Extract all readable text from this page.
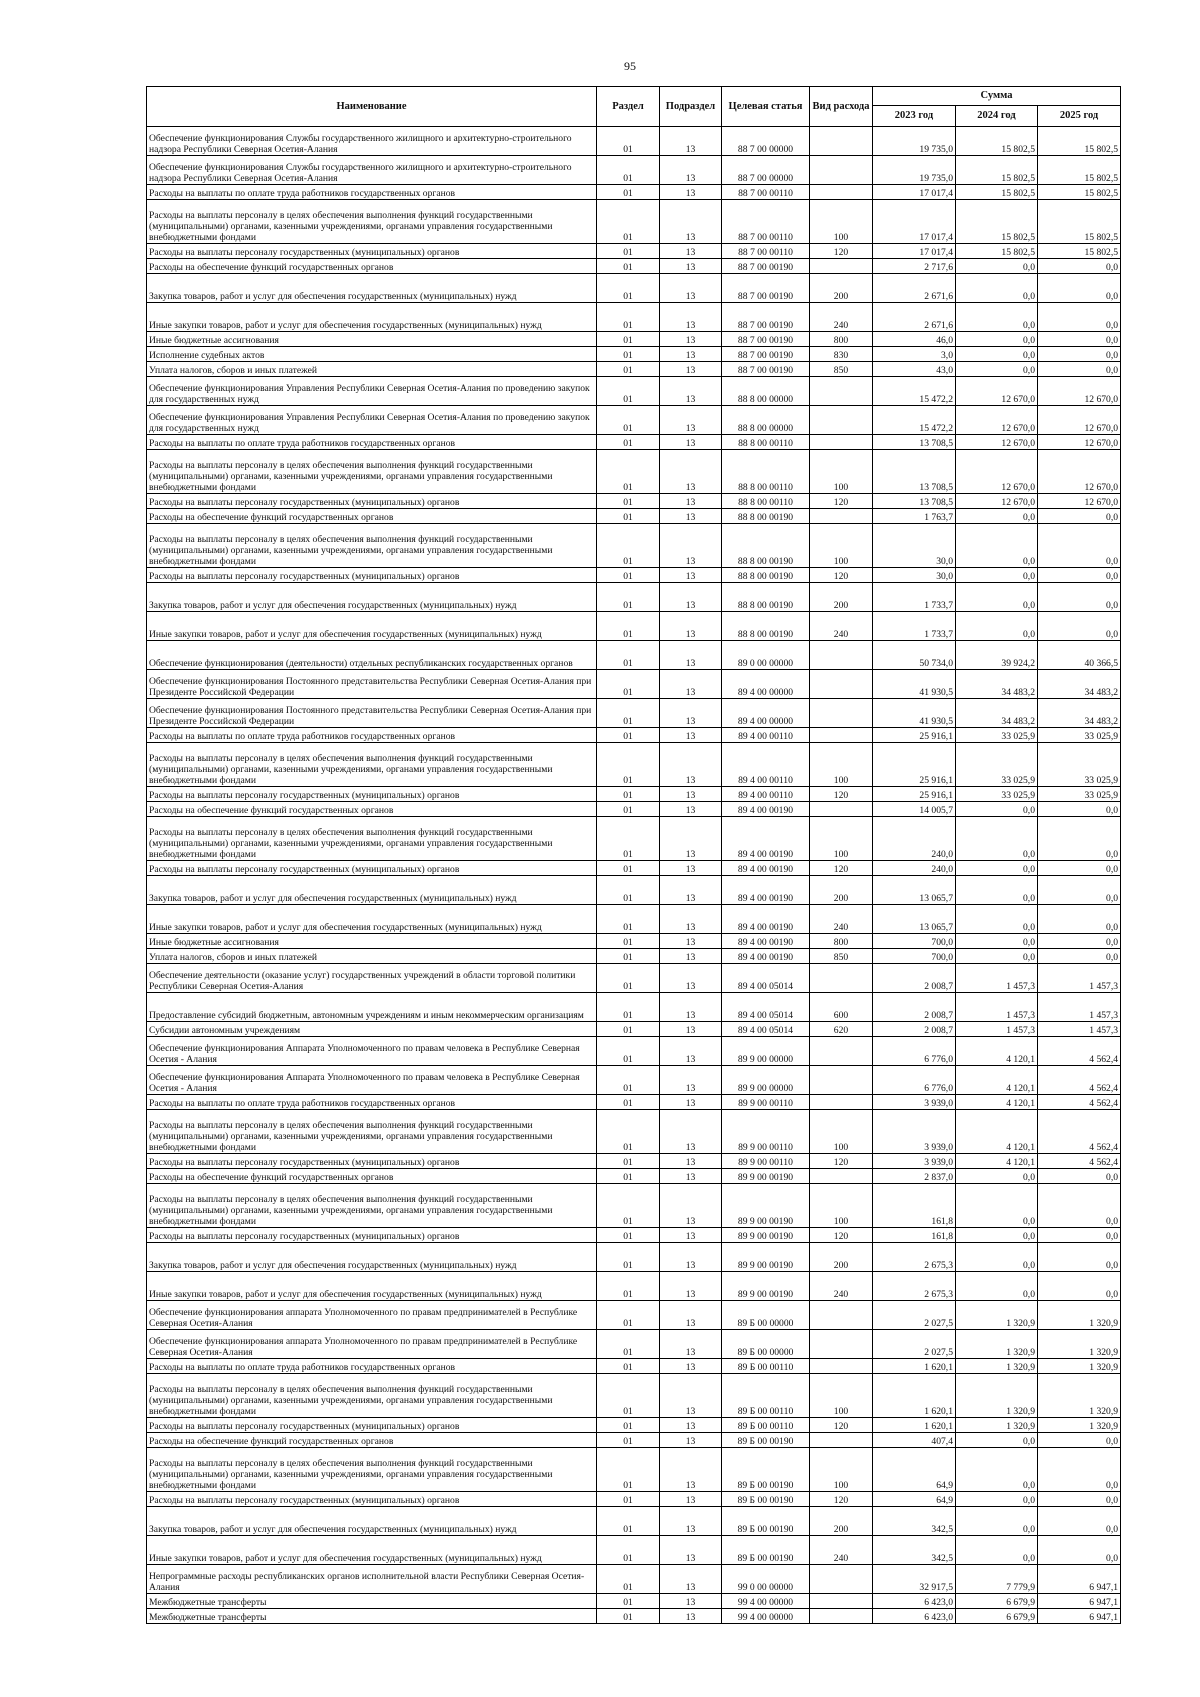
95
Наименование	Раздел	Подраздел	Целевая статья	Вид расхода	Сумма		
					2023 год	2024 год	2025 год
Обеспечение функционирования Службы государственного жилищного и архитектурно-строительного надзора Республики Северная Осетия-Алания	01	13	88 7 00 00000		19 735,0	15 802,5	15 802,5
Обеспечение функционирования Службы государственного жилищного и архитектурно-строительного надзора Республики Северная Осетия-Алания	01	13	88 7 00 00000		19 735,0	15 802,5	15 802,5
Расходы на выплаты по оплате труда работников государственных органов	01	13	88 7 00 00110		17 017,4	15 802,5	15 802,5
Расходы на выплаты персоналу в целях обеспечения выполнения функций государственными (муниципальными) органами, казенными учреждениями, органами управления государственными внебюджетными фондами	01	13	88 7 00 00110	100	17 017,4	15 802,5	15 802,5
Расходы на выплаты персоналу государственных (муниципальных) органов	01	13	88 7 00 00110	120	17 017,4	15 802,5	15 802,5
Расходы на обеспечение функций государственных органов	01	13	88 7 00 00190		2 717,6	0,0	0,0
Закупка товаров, работ и услуг для обеспечения государственных (муниципальных) нужд	01	13	88 7 00 00190	200	2 671,6	0,0	0,0
Иные закупки товаров, работ и услуг для обеспечения государственных (муниципальных) нужд	01	13	88 7 00 00190	240	2 671,6	0,0	0,0
Иные бюджетные ассигнования	01	13	88 7 00 00190	800	46,0	0,0	0,0
Исполнение судебных актов	01	13	88 7 00 00190	830	3,0	0,0	0,0
Уплата налогов, сборов и иных платежей	01	13	88 7 00 00190	850	43,0	0,0	0,0
Обеспечение функционирования Управления Республики Северная Осетия-Алания по проведению закупок для государственных нужд	01	13	88 8 00 00000		15 472,2	12 670,0	12 670,0
Обеспечение функционирования Управления Республики Северная Осетия-Алания по проведению закупок для государственных нужд	01	13	88 8 00 00000		15 472,2	12 670,0	12 670,0
Расходы на выплаты по оплате труда работников государственных органов	01	13	88 8 00 00110		13 708,5	12 670,0	12 670,0
Расходы на выплаты персоналу в целях обеспечения выполнения функций государственными (муниципальными) органами, казенными учреждениями, органами управления государственными внебюджетными фондами	01	13	88 8 00 00110	100	13 708,5	12 670,0	12 670,0
Расходы на выплаты персоналу государственных (муниципальных) органов	01	13	88 8 00 00110	120	13 708,5	12 670,0	12 670,0
Расходы на обеспечение функций государственных органов	01	13	88 8 00 00190		1 763,7	0,0	0,0
Расходы на выплаты персоналу в целях обеспечения выполнения функций государственными (муниципальными) органами, казенными учреждениями, органами управления государственными внебюджетными фондами	01	13	88 8 00 00190	100	30,0	0,0	0,0
Расходы на выплаты персоналу государственных (муниципальных) органов	01	13	88 8 00 00190	120	30,0	0,0	0,0
Закупка товаров, работ и услуг для обеспечения государственных (муниципальных) нужд	01	13	88 8 00 00190	200	1 733,7	0,0	0,0
Иные закупки товаров, работ и услуг для обеспечения государственных (муниципальных) нужд	01	13	88 8 00 00190	240	1 733,7	0,0	0,0
Обеспечение функционирования (деятельности) отдельных республиканских государственных органов	01	13	89 0 00 00000		50 734,0	39 924,2	40 366,5
Обеспечение функционирования Постоянного представительства Республики Северная Осетия-Алания при Президенте Российской Федерации	01	13	89 4 00 00000		41 930,5	34 483,2	34 483,2
Обеспечение функционирования Постоянного представительства Республики Северная Осетия-Алания при Президенте Российской Федерации	01	13	89 4 00 00000		41 930,5	34 483,2	34 483,2
Расходы на выплаты по оплате труда работников государственных органов	01	13	89 4 00 00110		25 916,1	33 025,9	33 025,9
Расходы на выплаты персоналу в целях обеспечения выполнения функций государственными (муниципальными) органами, казенными учреждениями, органами управления государственными внебюджетными фондами	01	13	89 4 00 00110	100	25 916,1	33 025,9	33 025,9
Расходы на выплаты персоналу государственных (муниципальных) органов	01	13	89 4 00 00110	120	25 916,1	33 025,9	33 025,9
Расходы на обеспечение функций государственных органов	01	13	89 4 00 00190		14 005,7	0,0	0,0
Расходы на выплаты персоналу в целях обеспечения выполнения функций государственными (муниципальными) органами, казенными учреждениями, органами управления государственными внебюджетными фондами	01	13	89 4 00 00190	100	240,0	0,0	0,0
Расходы на выплаты персоналу государственных (муниципальных) органов	01	13	89 4 00 00190	120	240,0	0,0	0,0
Закупка товаров, работ и услуг для обеспечения государственных (муниципальных) нужд	01	13	89 4 00 00190	200	13 065,7	0,0	0,0
Иные закупки товаров, работ и услуг для обеспечения государственных (муниципальных) нужд	01	13	89 4 00 00190	240	13 065,7	0,0	0,0
Иные бюджетные ассигнования	01	13	89 4 00 00190	800	700,0	0,0	0,0
Уплата налогов, сборов и иных платежей	01	13	89 4 00 00190	850	700,0	0,0	0,0
Обеспечение деятельности (оказание услуг) государственных учреждений в области торговой политики Республики Северная Осетия-Алания	01	13	89 4 00 05014		2 008,7	1 457,3	1 457,3
Предоставление субсидий бюджетным, автономным учреждениям и иным некоммерческим организациям	01	13	89 4 00 05014	600	2 008,7	1 457,3	1 457,3
Субсидии автономным учреждениям	01	13	89 4 00 05014	620	2 008,7	1 457,3	1 457,3
Обеспечение функционирования Аппарата Уполномоченного по правам человека в Республике Северная Осетия - Алания	01	13	89 9 00 00000		6 776,0	4 120,1	4 562,4
Обеспечение функционирования Аппарата Уполномоченного по правам человека в Республике Северная Осетия - Алания	01	13	89 9 00 00000		6 776,0	4 120,1	4 562,4
Расходы на выплаты по оплате труда работников государственных органов	01	13	89 9 00 00110		3 939,0	4 120,1	4 562,4
Расходы на выплаты персоналу в целях обеспечения выполнения функций государственными (муниципальными) органами, казенными учреждениями, органами управления государственными внебюджетными фондами	01	13	89 9 00 00110	100	3 939,0	4 120,1	4 562,4
Расходы на выплаты персоналу государственных (муниципальных) органов	01	13	89 9 00 00110	120	3 939,0	4 120,1	4 562,4
Расходы на обеспечение функций государственных органов	01	13	89 9 00 00190		2 837,0	0,0	0,0
Расходы на выплаты персоналу в целях обеспечения выполнения функций государственными (муниципальными) органами, казенными учреждениями, органами управления государственными внебюджетными фондами	01	13	89 9 00 00190	100	161,8	0,0	0,0
Расходы на выплаты персоналу государственных (муниципальных) органов	01	13	89 9 00 00190	120	161,8	0,0	0,0
Закупка товаров, работ и услуг для обеспечения государственных (муниципальных) нужд	01	13	89 9 00 00190	200	2 675,3	0,0	0,0
Иные закупки товаров, работ и услуг для обеспечения государственных (муниципальных) нужд	01	13	89 9 00 00190	240	2 675,3	0,0	0,0
Обеспечение функционирования аппарата Уполномоченного по правам предпринимателей в Республике Северная Осетия-Алания	01	13	89 Б 00 00000		2 027,5	1 320,9	1 320,9
Обеспечение функционирования аппарата Уполномоченного по правам предпринимателей в Республике Северная Осетия-Алания	01	13	89 Б 00 00000		2 027,5	1 320,9	1 320,9
Расходы на выплаты по оплате труда работников государственных органов	01	13	89 Б 00 00110		1 620,1	1 320,9	1 320,9
Расходы на выплаты персоналу в целях обеспечения выполнения функций государственными (муниципальными) органами, казенными учреждениями, органами управления государственными внебюджетными фондами	01	13	89 Б 00 00110	100	1 620,1	1 320,9	1 320,9
Расходы на выплаты персоналу государственных (муниципальных) органов	01	13	89 Б 00 00110	120	1 620,1	1 320,9	1 320,9
Расходы на обеспечение функций государственных органов	01	13	89 Б 00 00190		407,4	0,0	0,0
Расходы на выплаты персоналу в целях обеспечения выполнения функций государственными (муниципальными) органами, казенными учреждениями, органами управления государственными внебюджетными фондами	01	13	89 Б 00 00190	100	64,9	0,0	0,0
Расходы на выплаты персоналу государственных (муниципальных) органов	01	13	89 Б 00 00190	120	64,9	0,0	0,0
Закупка товаров, работ и услуг для обеспечения государственных (муниципальных) нужд	01	13	89 Б 00 00190	200	342,5	0,0	0,0
Иные закупки товаров, работ и услуг для обеспечения государственных (муниципальных) нужд	01	13	89 Б 00 00190	240	342,5	0,0	0,0
Непрограммные расходы республиканских органов исполнительной власти Республики Северная Осетия-Алания	01	13	99 0 00 00000		32 917,5	7 779,9	6 947,1
Межбюджетные трансферты	01	13	99 4 00 00000		6 423,0	6 679,9	6 947,1
Межбюджетные трансферты	01	13	99 4 00 00000		6 423,0	6 679,9	6 947,1
